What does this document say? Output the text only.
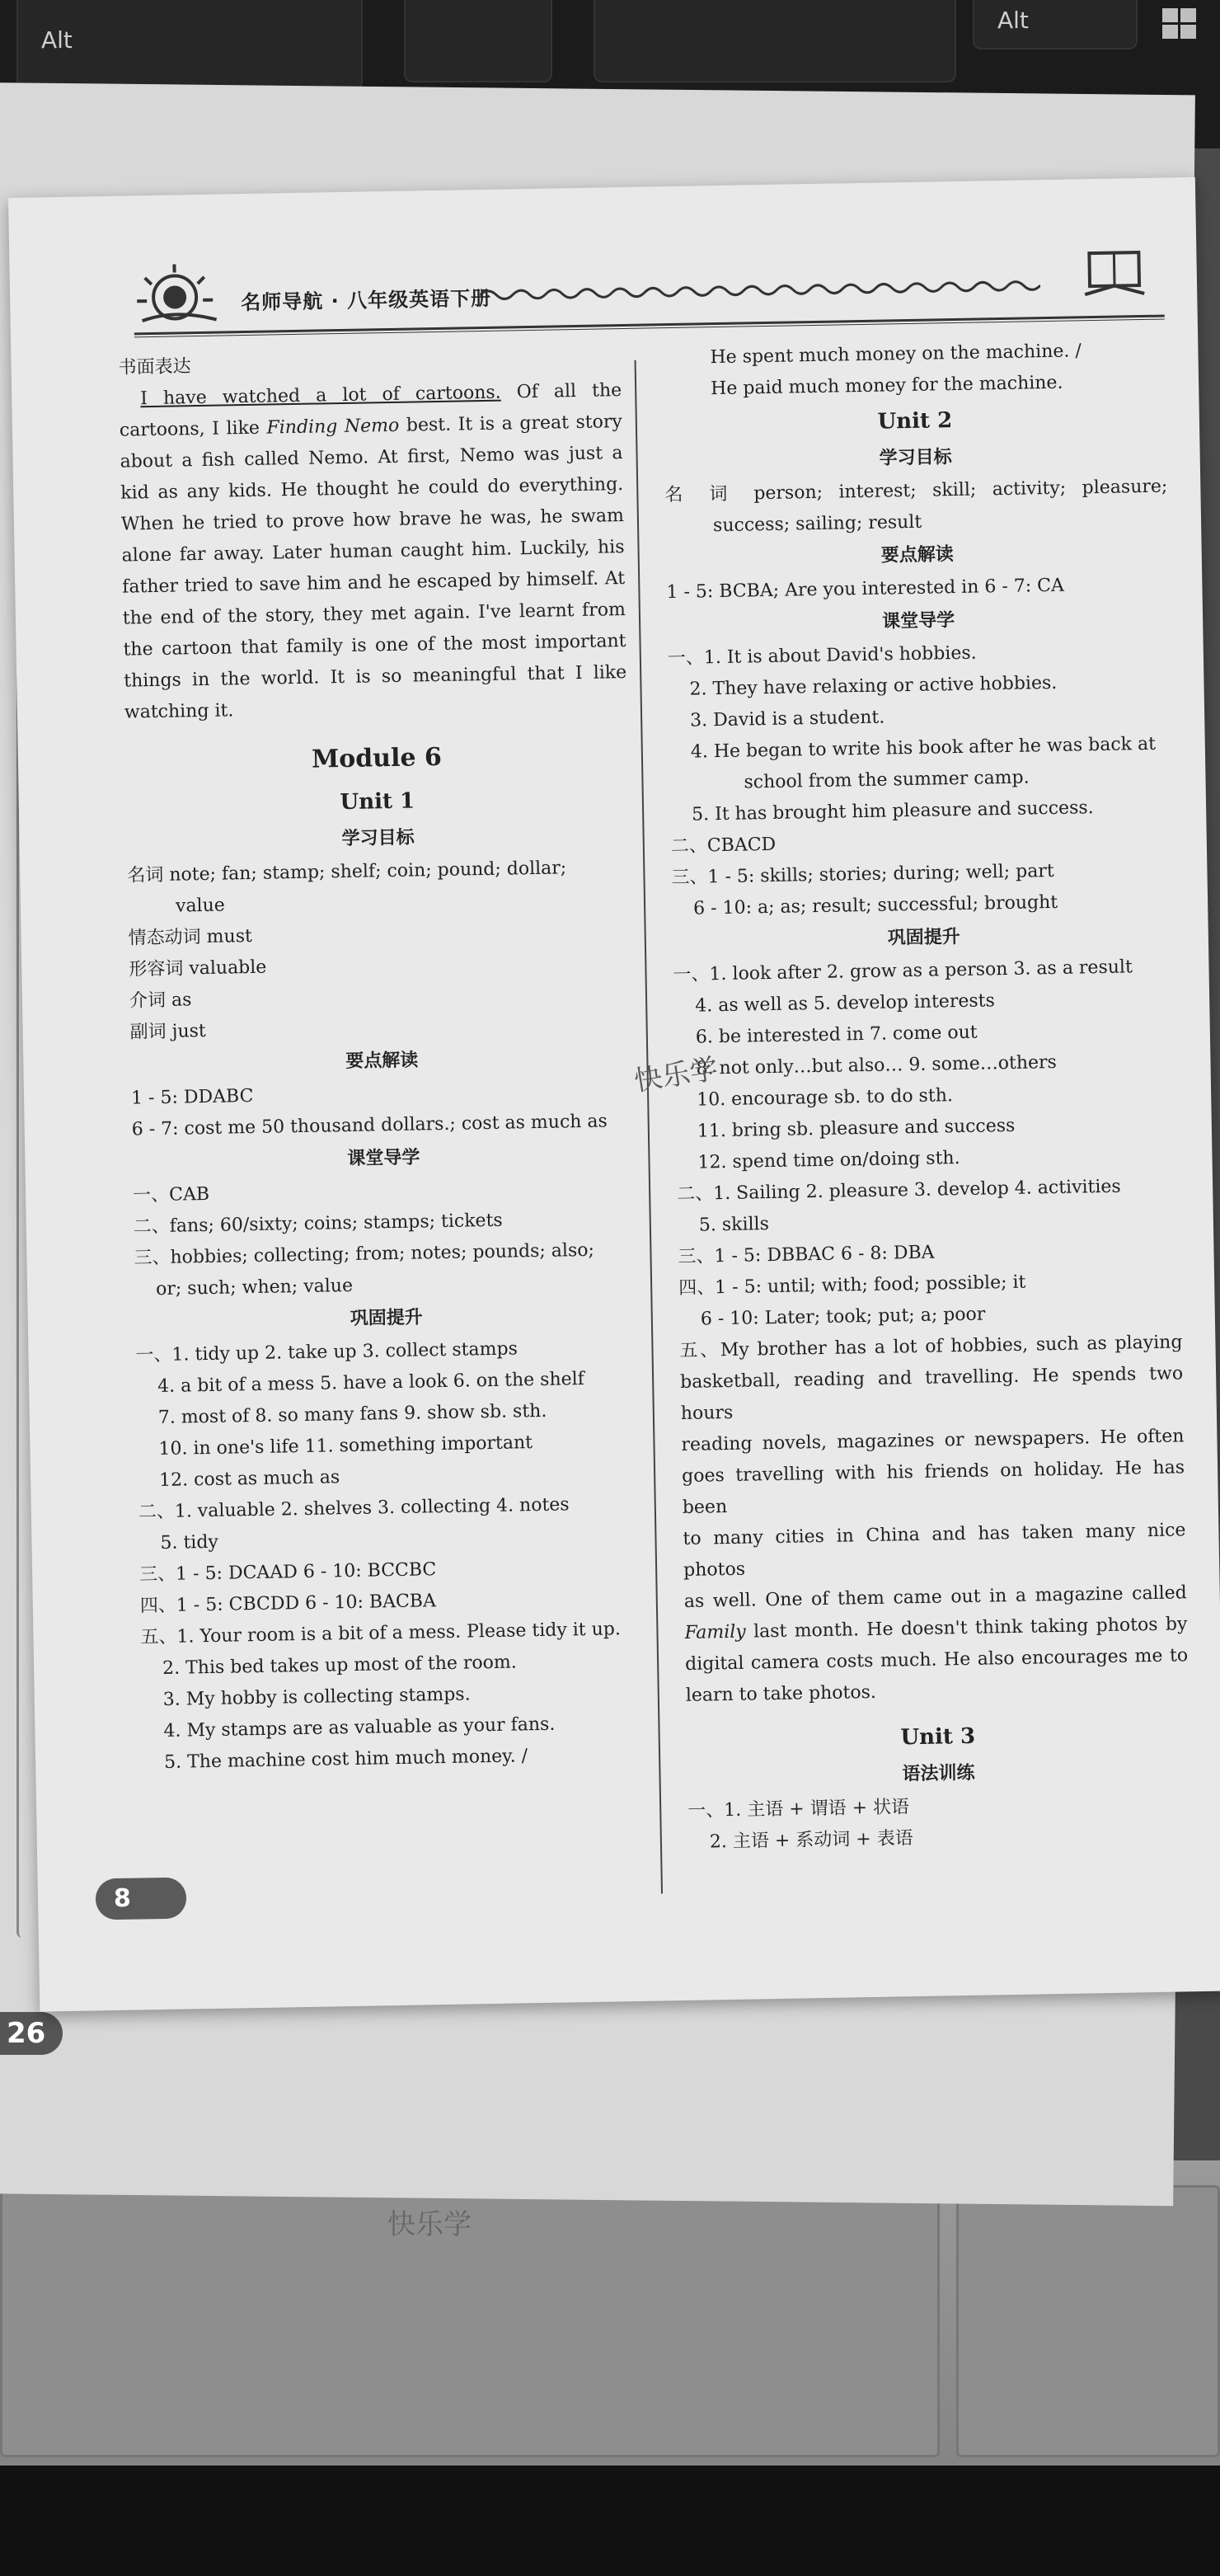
Alt
Alt
26
快乐学
名师导航 · 八年级英语下册
书面表达
I have watched a lot of cartoons. Of all the
cartoons, I like Finding Nemo best. It is a great story
about a fish called Nemo. At first, Nemo was just a
kid as any kids. He thought he could do everything.
When he tried to prove how brave he was, he swam
alone far away. Later human caught him. Luckily, his
father tried to save him and he escaped by himself. At
the end of the story, they met again. I've learnt from
the cartoon that family is one of the most important
things in the world. It is so meaningful that I like
watching it.
Module 6
Unit 1
学习目标
名词 note; fan; stamp; shelf; coin; pound; dollar;
value
情态动词 must
形容词 valuable
介词 as
副词 just
要点解读
1 - 5: DDABC
6 - 7: cost me 50 thousand dollars.; cost as much as
课堂导学
一、CAB
二、fans; 60/sixty; coins; stamps; tickets
三、hobbies; collecting; from; notes; pounds; also;
or; such; when; value
巩固提升
一、1. tidy up 2. take up 3. collect stamps
4. a bit of a mess 5. have a look 6. on the shelf
7. most of 8. so many fans 9. show sb. sth.
10. in one's life 11. something important
12. cost as much as
二、1. valuable 2. shelves 3. collecting 4. notes
5. tidy
三、1 - 5: DCAAD 6 - 10: BCCBC
四、1 - 5: CBCDD 6 - 10: BACBA
五、1. Your room is a bit of a mess. Please tidy it up.
2. This bed takes up most of the room.
3. My hobby is collecting stamps.
4. My stamps are as valuable as your fans.
5. The machine cost him much money. /
He spent much money on the machine. /
He paid much money for the machine.
Unit 2
学习目标
名 词 person; interest; skill; activity; pleasure;
success; sailing; result
要点解读
1 - 5: BCBA; Are you interested in 6 - 7: CA
课堂导学
一、1. It is about David's hobbies.
2. They have relaxing or active hobbies.
3. David is a student.
4. He began to write his book after he was back at
school from the summer camp.
5. It has brought him pleasure and success.
二、CBACD
三、1 - 5: skills; stories; during; well; part
6 - 10: a; as; result; successful; brought
巩固提升
一、1. look after 2. grow as a person 3. as a result
4. as well as 5. develop interests
6. be interested in 7. come out
8. not only…but also… 9. some…others
10. encourage sb. to do sth.
11. bring sb. pleasure and success
12. spend time on/doing sth.
二、1. Sailing 2. pleasure 3. develop 4. activities
5. skills
三、1 - 5: DBBAC 6 - 8: DBA
四、1 - 5: until; with; food; possible; it
6 - 10: Later; took; put; a; poor
五、My brother has a lot of hobbies, such as playing
basketball, reading and travelling. He spends two hours
reading novels, magazines or newspapers. He often
goes travelling with his friends on holiday. He has been
to many cities in China and has taken many nice photos
as well. One of them came out in a magazine called
Family last month. He doesn't think taking photos by
digital camera costs much. He also encourages me to
learn to take photos.
Unit 3
语法训练
一、1. 主语 + 谓语 + 状语
2. 主语 + 系动词 + 表语
快乐学
8
